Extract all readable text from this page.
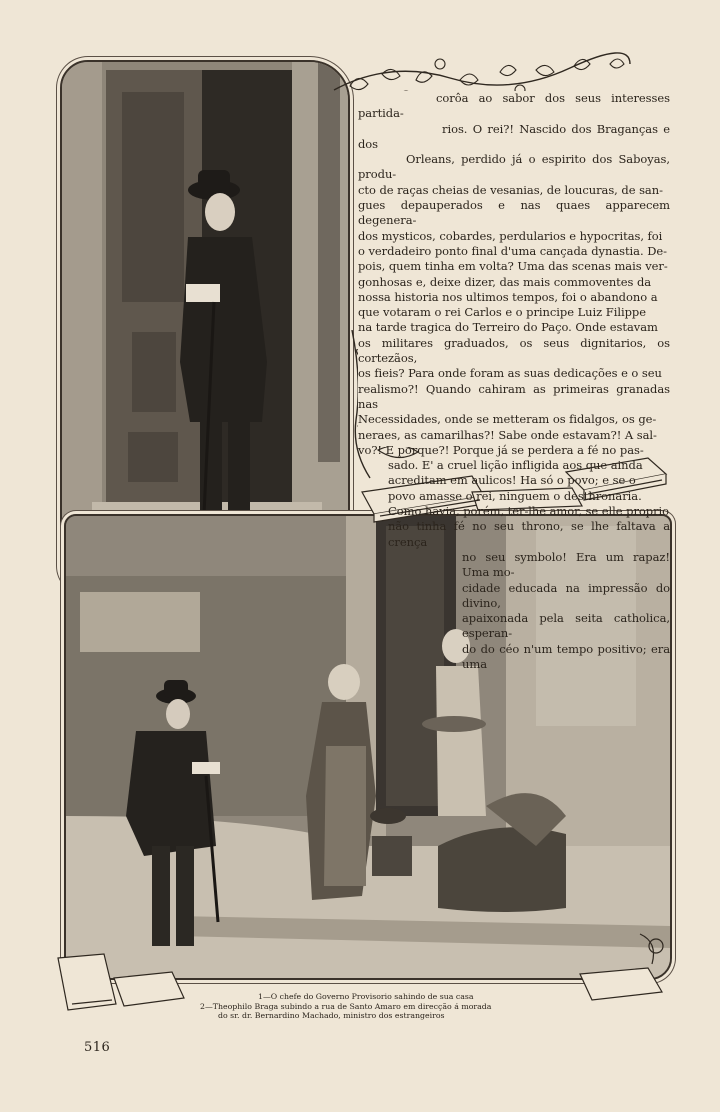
corôa ao sabor dos seus interesses partida-

rios. O rei?! Nascido dos Braganças e dos

Orleans, perdido já o espirito dos Saboyas, produ-

cto de raças cheias de vesanias, de loucuras, de san-

gues depauperados e nas quaes apparecem degenera-

dos mysticos, cobardes, perdularios e hypocritas, foi

o verdadeiro ponto final d'uma cançada dynastia. De-

pois, quem tinha em volta? Uma das scenas mais ver-

gonhosas e, deixe dizer, das mais commoventes da

nossa historia nos ultimos tempos, foi o abandono a

que votaram o rei Carlos e o principe Luiz Filippe

na tarde tragica do Terreiro do Paço. Onde estavam

os militares graduados, os seus dignitarios, os cortezãos,

os fieis? Para onde foram as suas dedicações e o seu

realismo?! Quando cahiram as primeiras granadas nas

Necessidades, onde se metteram os fidalgos, os ge-

neraes, as camarilhas?! Sabe onde estavam?! A sal-

vo?! E porque?! Porque já se perdera a fé no pas-

sado. E' a cruel lição infligida aos que ainda

acreditam em aulicos! Ha só o povo; e se o

povo amasse o rei, ninguem o desthronaria.

Como havia, porém, ter-lhe amor, se elle proprio

não tinha fé no seu throno, se lhe faltava a crença

no seu symbolo! Era um rapaz! Uma mo-

cidade educada na impressão do divino,

apaixonada pela seita catholica, esperan-

do do céo n'um tempo positivo; era uma

1—O chefe do Governo Provisorio sahindo de sua casa
2—Theophilo Braga subindo a rua de Santo Amaro em direcção á morada
do sr. dr. Bernardino Machado, ministro dos estrangeiros
516
